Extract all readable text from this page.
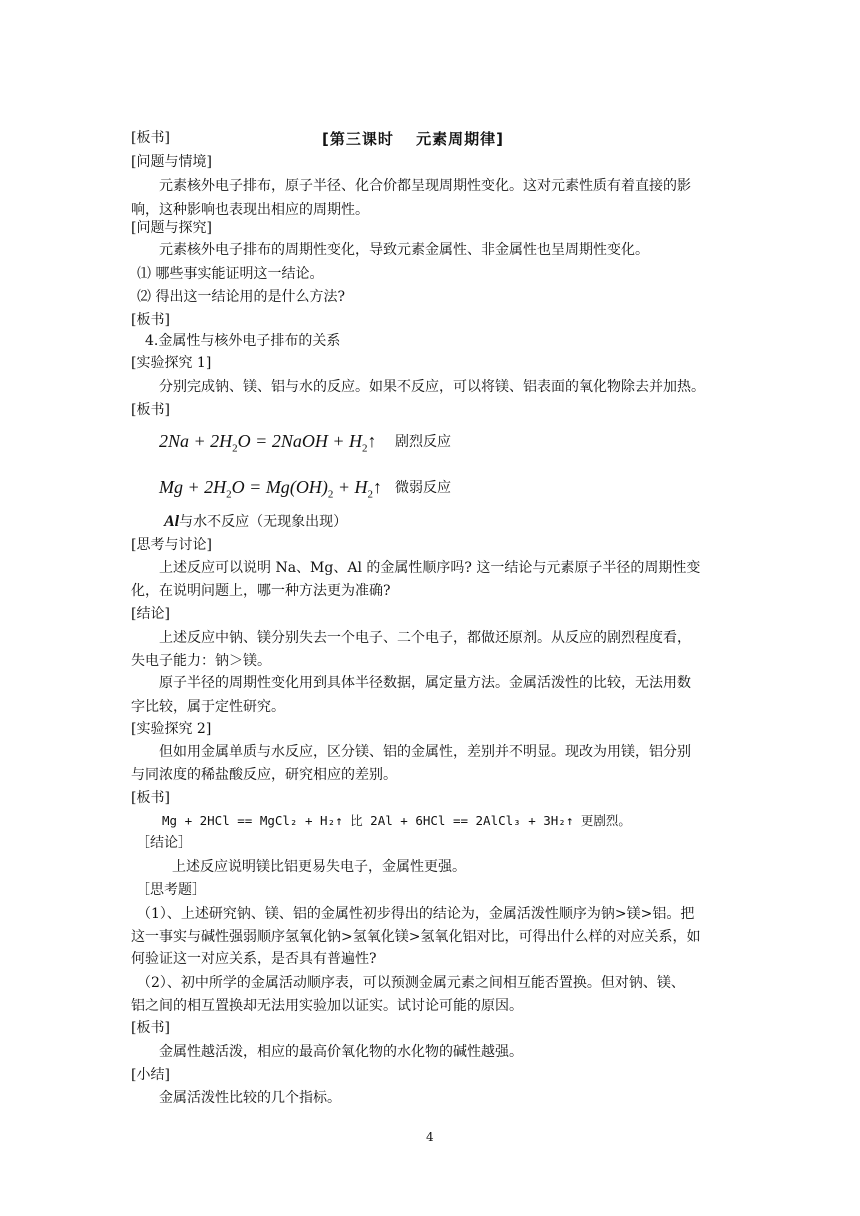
[板书]	[第三课时　 元素周期律]
[问题与情境]
元素核外电子排布，原子半径、化合价都呈现周期性变化。这对元素性质有着直接的影
响，这种影响也表现出相应的周期性。
[问题与探究]
元素核外电子排布的周期性变化，导致元素金属性、非金属性也呈周期性变化。
⑴ 哪些事实能证明这一结论。
⑵ 得出这一结论用的是什么方法?
[板书]
4.金属性与核外电子排布的关系
[实验探究 1]
分别完成钠、镁、铝与水的反应。如果不反应，可以将镁、铝表面的氧化物除去并加热。
[板书]
$2Na + 2H_2O$ = 2NaOH + $H_2↑$ 剧烈反应
$Mg + 2H_2O = Mg(OH)_2$ + $H_2↑$ 微弱反应
Al与水不反应（无现象出现）
[思考与讨论]
上述反应可以说明 Na、Mg、Al 的金属性顺序吗? 这一结论与元素原子半径的周期性变
化，在说明问题上，哪一种方法更为准确?
[结论]
上述反应中钠、镁分别失去一个电子、二个电子，都做还原剂。从反应的剧烈程度看，
失电子能力：钠＞镁。
原子半径的周期性变化用到具体半径数据，属定量方法。金属活泼性的比较，无法用数
字比较，属于定性研究。
[实验探究 2]
但如用金属单质与水反应，区分镁、铝的金属性，差别并不明显。现改为用镁，铝分别
与同浓度的稀盐酸反应，研究相应的差别。
[板书]
Mg + 2HCl == MgCl₂ + H₂↑ 比 2Al + 6HCl == 2AlCl₃ + 3H₂↑ 更剧烈。
［结论］
上述反应说明镁比铝更易失电子，金属性更强。
［思考题］
（1）、上述研究钠、镁、铝的金属性初步得出的结论为，金属活泼性顺序为钠>镁>铝。把
这一事实与碱性强弱顺序氢氧化钠>氢氧化镁>氢氧化铝对比，可得出什么样的对应关系，如
何验证这一对应关系，是否具有普遍性?
（2）、初中所学的金属活动顺序表，可以预测金属元素之间相互能否置换。但对钠、镁、
铝之间的相互置换却无法用实验加以证实。试讨论可能的原因。
[板书]
金属性越活泼，相应的最高价氧化物的水化物的碱性越强。
[小结]
金属活泼性比较的几个指标。
4
